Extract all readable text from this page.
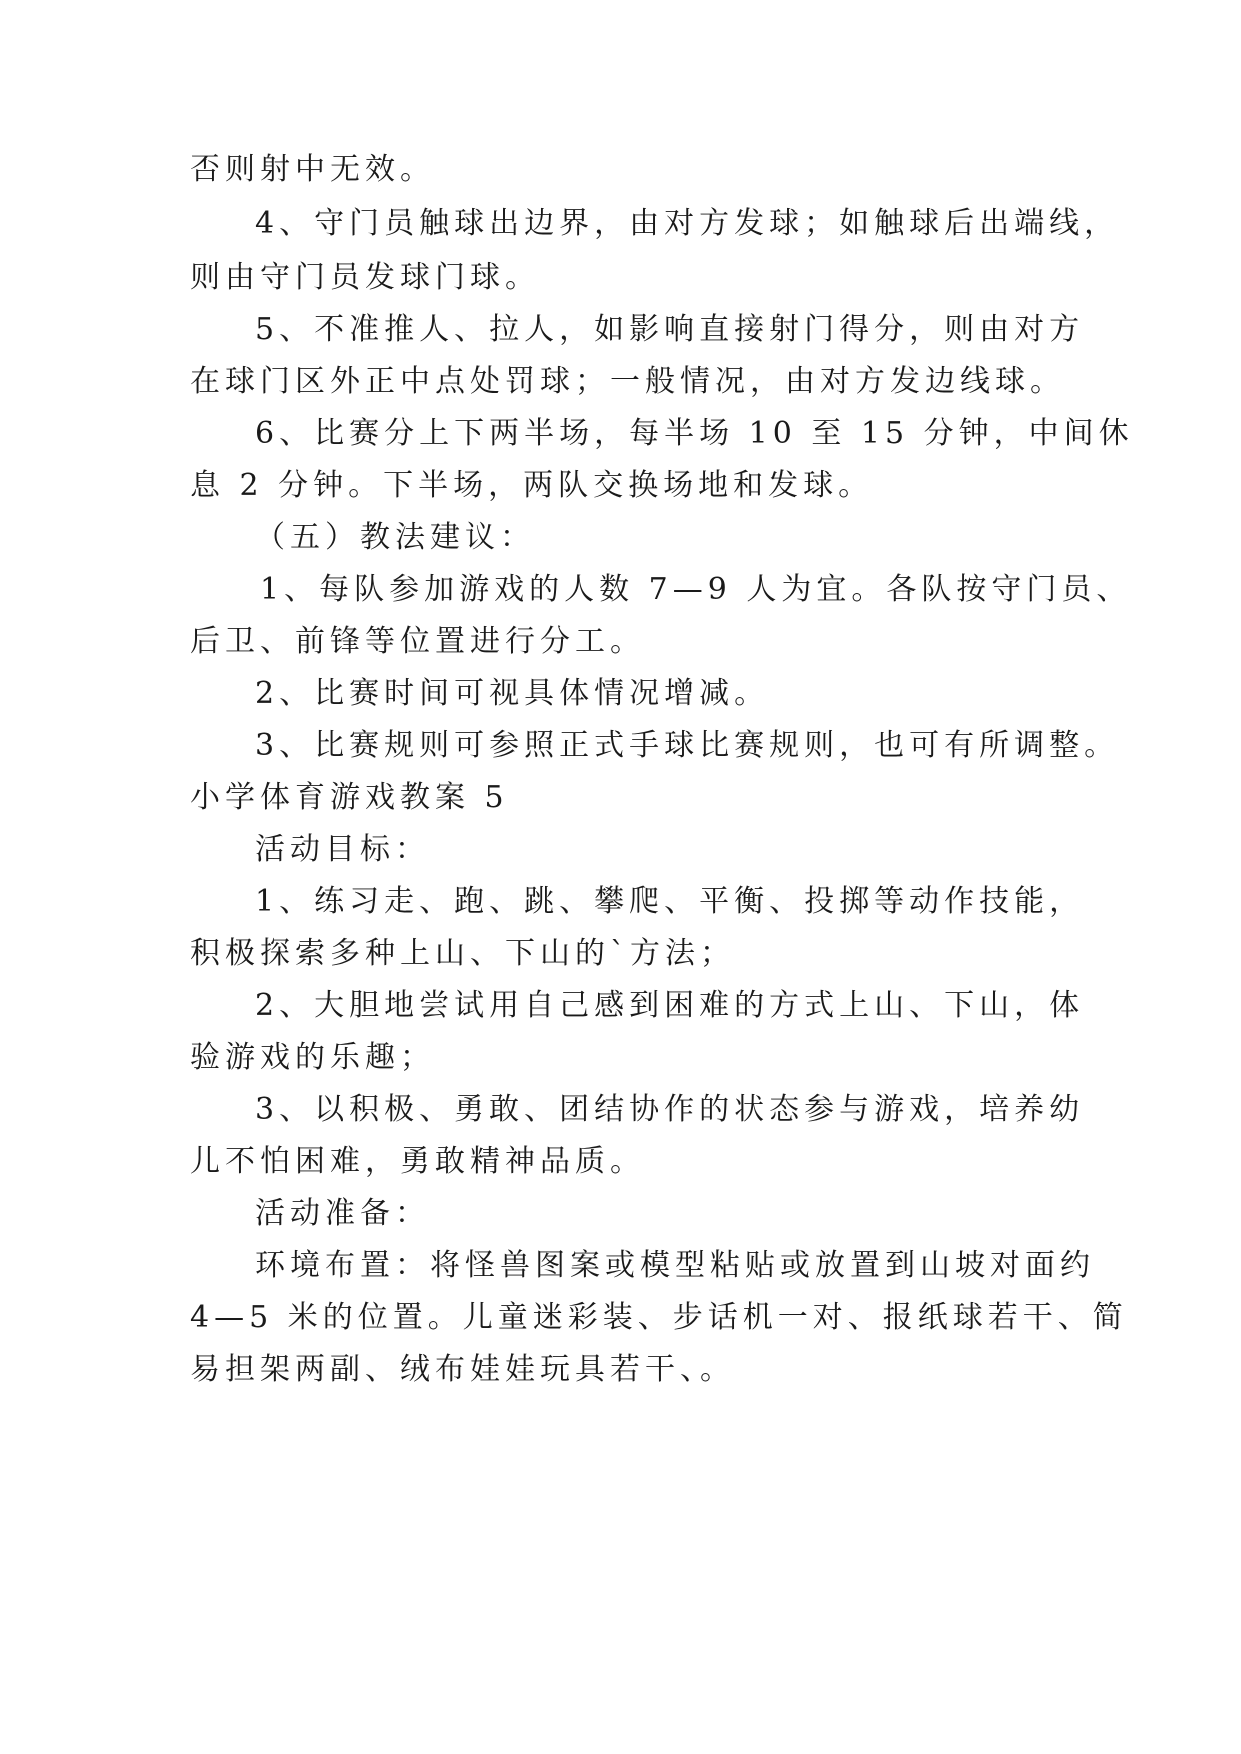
否则射中无效。
4、守门员触球出边界，由对方发球；如触球后出端线，
则由守门员发球门球。
5、不准推人、拉人，如影响直接射门得分，则由对方
在球门区外正中点处罚球；一般情况，由对方发边线球。
6、比赛分上下两半场，每半场 10 至 15 分钟，中间休
息 2 分钟。下半场，两队交换场地和发球。
（五）教法建议：
1、每队参加游戏的人数 7—9 人为宜。各队按守门员、
后卫、前锋等位置进行分工。
2、比赛时间可视具体情况增减。
3、比赛规则可参照正式手球比赛规则，也可有所调整。
小学体育游戏教案 5
活动目标：
1、练习走、跑、跳、攀爬、平衡、投掷等动作技能，
积极探索多种上山、下山的`方法；
2、大胆地尝试用自己感到困难的方式上山、下山，体
验游戏的乐趣；
3、以积极、勇敢、团结协作的状态参与游戏，培养幼
儿不怕困难，勇敢精神品质。
活动准备：
环境布置：将怪兽图案或模型粘贴或放置到山坡对面约
4—5 米的位置。儿童迷彩装、步话机一对、报纸球若干、简
易担架两副、绒布娃娃玩具若干、。
